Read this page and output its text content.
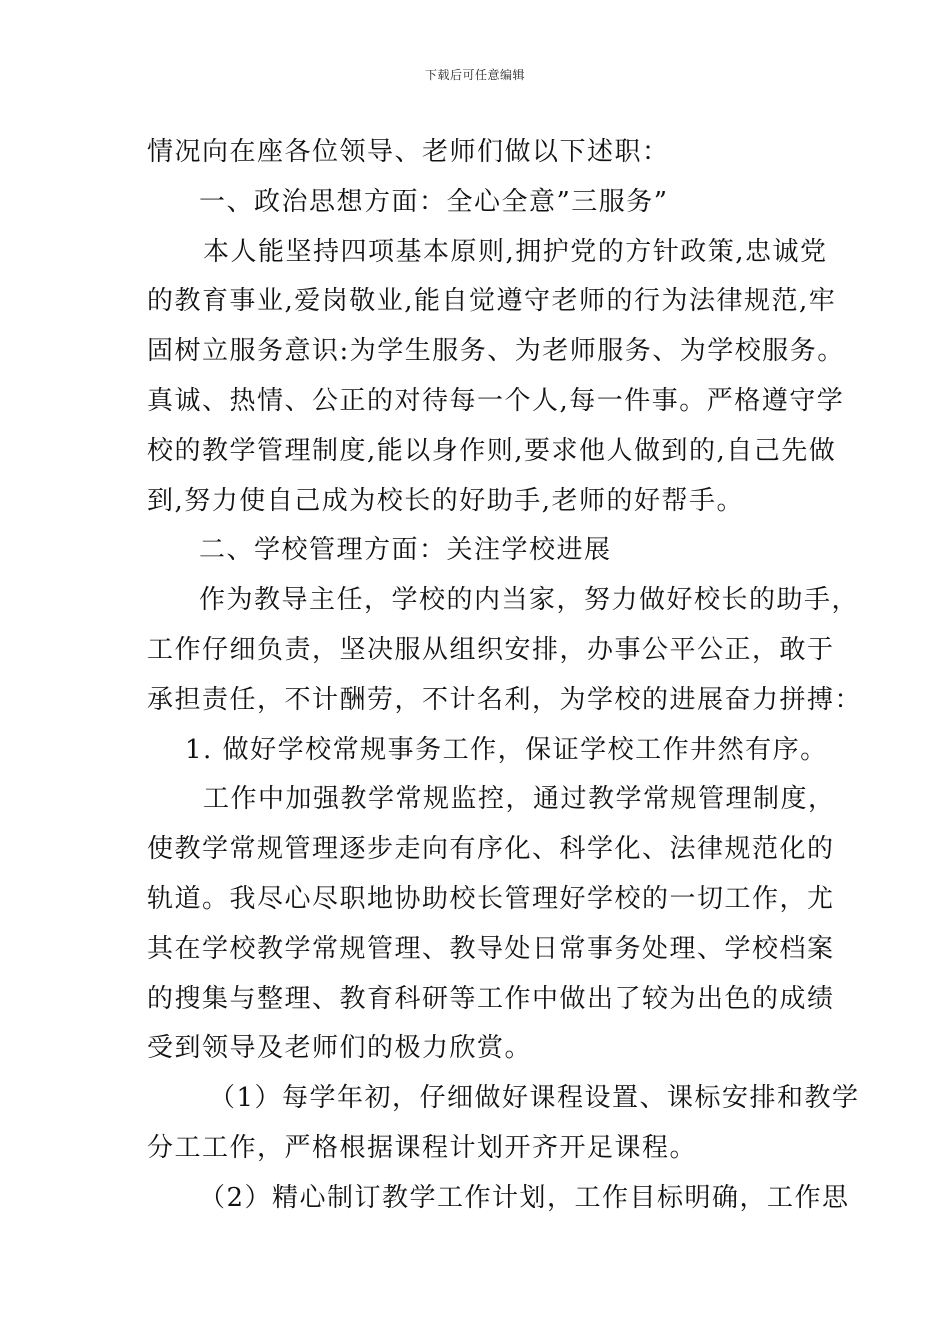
下载后可任意编辑
情况向在座各位领导、老师们做以下述职：
一、政治思想方面：全心全意”三服务”
本人能坚持四项基本原则,拥护党的方针政策,忠诚党
的教育事业,爱岗敬业,能自觉遵守老师的行为法律规范,牢
固树立服务意识:为学生服务、为老师服务、为学校服务。
真诚、热情、公正的对待每一个人,每一件事。严格遵守学
校的教学管理制度,能以身作则,要求他人做到的,自己先做
到,努力使自己成为校长的好助手,老师的好帮手。
二、学校管理方面：关注学校进展
作为教导主任，学校的内当家，努力做好校长的助手，
工作仔细负责，坚决服从组织安排，办事公平公正，敢于
承担责任，不计酬劳，不计名利，为学校的进展奋力拼搏：
1. 做好学校常规事务工作，保证学校工作井然有序。
工作中加强教学常规监控，通过教学常规管理制度，
使教学常规管理逐步走向有序化、科学化、法律规范化的
轨道。我尽心尽职地协助校长管理好学校的一切工作，尤
其在学校教学常规管理、教导处日常事务处理、学校档案
的搜集与整理、教育科研等工作中做出了较为出色的成绩
受到领导及老师们的极力欣赏。
（1）每学年初，仔细做好课程设置、课标安排和教学
分工工作，严格根据课程计划开齐开足课程。
（2）精心制订教学工作计划，工作目标明确，工作思
